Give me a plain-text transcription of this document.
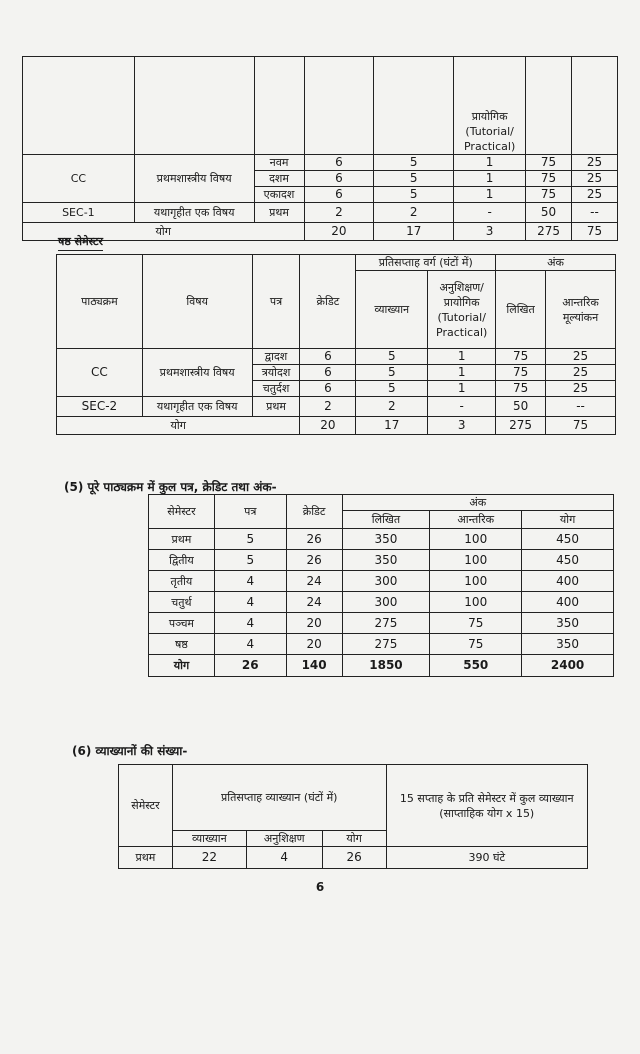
					प्रायोगिक (Tutorial/ Practical)		
CC	प्रथमशास्त्रीय विषय	नवम	6	5	1	75	25
		दशम	6	5	1	75	25
		एकादश	6	5	1	75	25
SEC-1	यथागृहीत एक विषय	प्रथम	2	2	-	50	--
योग			20	17	3	275	75
षष्ठ सेमेस्टर
पाठ्यक्रम	विषय	पत्र	क्रेडिट	प्रतिसप्ताह वर्ग (घंटों में)		अंक	
				व्याख्यान	अनुशिक्षण/ प्रायोगिक (Tutorial/ Practical)	लिखित	आन्तरिक मूल्यांकन
CC	प्रथमशास्त्रीय विषय	द्वादश	6	5	1	75	25
		त्रयोदश	6	5	1	75	25
		चतुर्दश	6	5	1	75	25
SEC-2	यथागृहीत एक विषय	प्रथम	2	2	-	50	--
योग			20	17	3	275	75
(5) पूरे पाठ्यक्रम में कुल पत्र, क्रेडिट तथा अंक-
सेमेस्टर	पत्र	क्रेडिट	अंक		
			लिखित	आन्तरिक	योग
प्रथम	5	26	350	100	450
द्वितीय	5	26	350	100	450
तृतीय	4	24	300	100	400
चतुर्थ	4	24	300	100	400
पञ्चम	4	20	275	75	350
षष्ठ	4	20	275	75	350
योग	26	140	1850	550	2400
(6) व्याख्यानों की संख्या-
सेमेस्टर	प्रतिसप्ताह व्याख्यान (घंटों में)			15 सप्ताह के प्रति सेमेस्टर में कुल व्याख्यान
(साप्ताहिक योग x 15)

	व्याख्यान	अनुशिक्षण	योग	
प्रथम	22	4	26	390 घंटे
6
